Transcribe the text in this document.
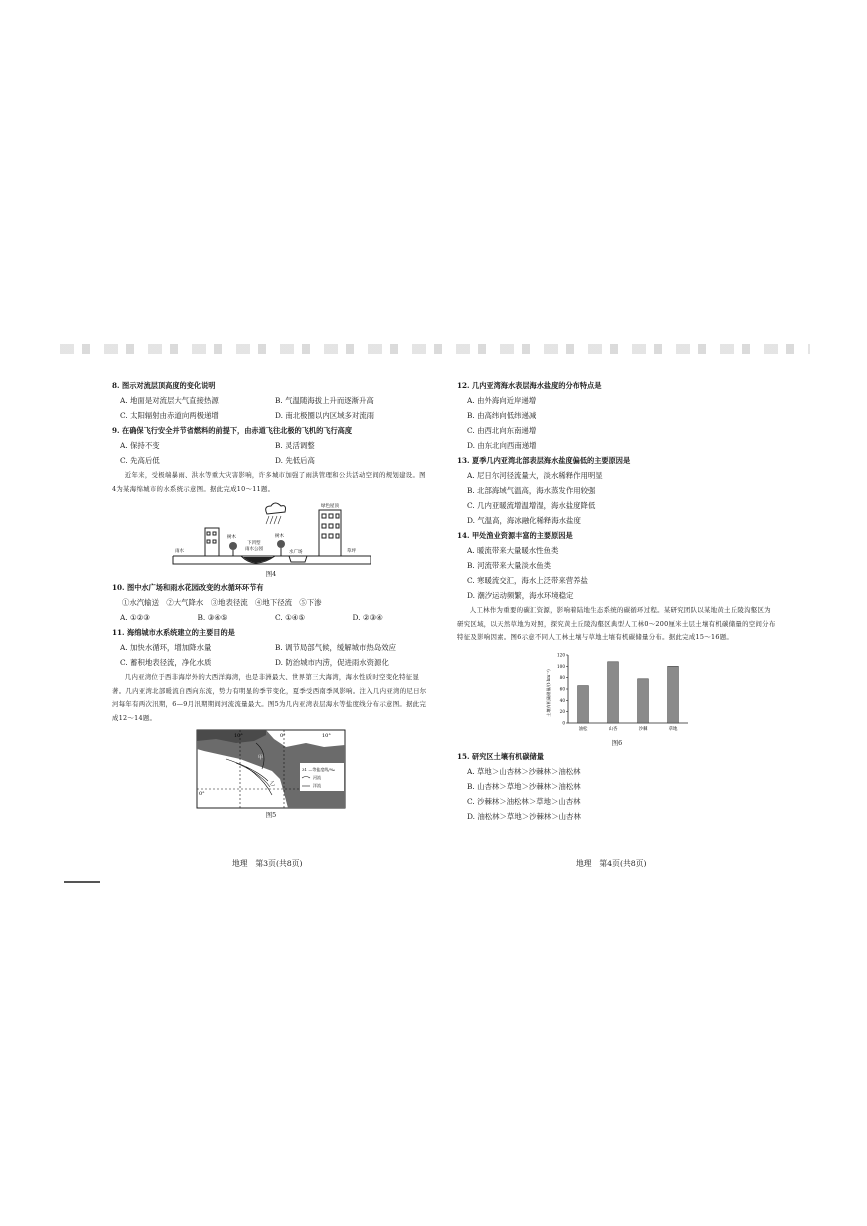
8. 图示对流层顶高度的变化说明

A. 地面是对流层大气直接热源	B. 气温随海拔上升而逐渐升高
C. 太阳辐射由赤道向两极递增	D. 南北极圈以内区域多对流雨

9. 在确保飞行安全并节省燃料的前提下，由赤道飞往北极的飞机的飞行高度

A. 保持不变	B. 灵活调整
C. 先高后低	D. 先低后高

近年来，受极端暴雨、洪水等重大灾害影响，许多城市加强了雨洪管理和公共活动空间的规划建设。图4为某海绵城市的水系统示意图。据此完成10～11题。

绿色屋顶
树木
下凹型
雨水公园
树木
水广场	草坪
雨水
图4

10. 图中水广场和雨水花园改变的水循环环节有

①水汽输送　②大气降水　③地表径流　④地下径流　⑤下渗
A. ①②③	B. ③④⑤	C. ①④⑤	D. ②③④

11. 海绵城市水系统建立的主要目的是

A. 加快水循环，增加降水量	B. 调节局部气候，缓解城市热岛效应
C. 蓄积地表径流，净化水质	D. 防治城市内涝，促进雨水资源化

几内亚湾位于西非海岸外的大西洋海湾，也是非洲最大、世界第三大海湾，海水性质时空变化特征显著。几内亚湾北部暖流自西向东流，势力有明显的季节变化，夏季受西南季风影响。注入几内亚湾的尼日尔河每年有两次汛期，6—9月汛期期间河流流量最大。图5为几内亚湾表层海水等盐度线分布示意图。据此完成12～14题。

10°	0°	10°
0°
甲
乙
31 —等盐度线/‰
河流
洋流
图5

12. 几内亚湾海水表层海水盐度的分布特点是

A. 由外海向近岸递增
B. 由高纬向低纬递减
C. 由西北向东南递增
D. 由东北向西南递增

13. 夏季几内亚湾北部表层海水盐度偏低的主要原因是

A. 尼日尔河径流量大，淡水稀释作用明显
B. 北部海域气温高，海水蒸发作用较强
C. 几内亚暖流增温增湿，海水盐度降低
D. 气温高，海冰融化稀释海水盐度

14. 甲处渔业资源丰富的主要原因是

A. 暖流带来大量暖水性鱼类
B. 河流带来大量淡水鱼类
C. 寒暖流交汇，海水上泛带来营养盐
D. 潮汐运动频繁，海水环境稳定

人工林作为重要的碳汇资源，影响着陆地生态系统的碳循环过程。某研究团队以某地黄土丘陵沟壑区为研究区域，以天然草地为对照，探究黄土丘陵沟壑区典型人工林0～200厘米土层土壤有机碳储量的空间分布特征及影响因素。图6示意不同人工林土壤与草地土壤有机碳储量分布。据此完成15～16题。

土壤有机碳储量/(t·hm⁻²)
0
20
40
60
80
100
120
油松	山杏	沙棘	草地
图6

15. 研究区土壤有机碳储量

A. 草地＞山杏林＞沙棘林＞油松林
B. 山杏林＞草地＞沙棘林＞油松林
C. 沙棘林＞油松林＞草地＞山杏林
D. 油松林＞草地＞沙棘林＞山杏林
地理　第3页(共8页)	地理　第4页(共8页)
